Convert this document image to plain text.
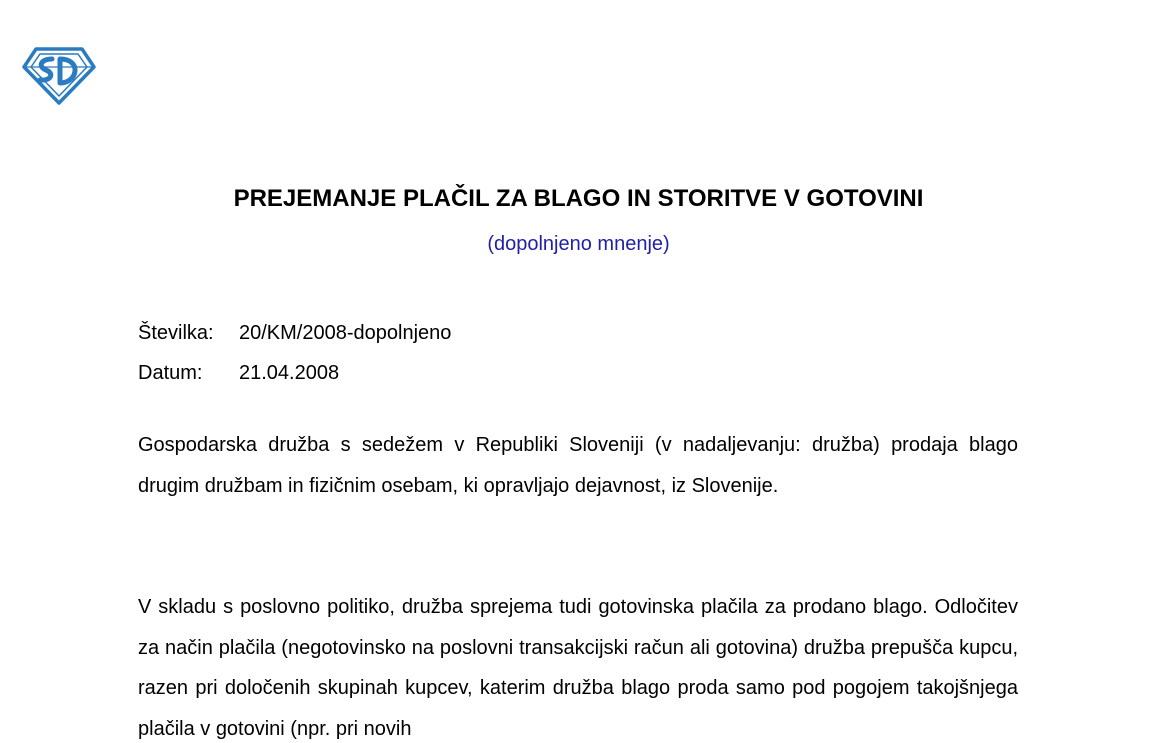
PREJEMANJE PLAČIL ZA BLAGO IN STORITVE V GOTOVINI
(dopolnjeno mnenje)
Številka:	20/KM/2008-dopolnjeno
Datum:	21.04.2008
Gospodarska družba s sedežem v Republiki Sloveniji (v nadaljevanju: družba) prodaja blago drugim družbam in fizičnim osebam, ki opravljajo dejavnost, iz Slovenije.
V skladu s poslovno politiko, družba sprejema tudi gotovinska plačila za prodano blago. Odločitev za način plačila (negotovinsko na poslovni transakcijski račun ali gotovina) družba prepušča kupcu, razen pri določenih skupinah kupcev, katerim družba blago proda samo pod pogojem takojšnjega plačila v gotovini (npr. pri novih
